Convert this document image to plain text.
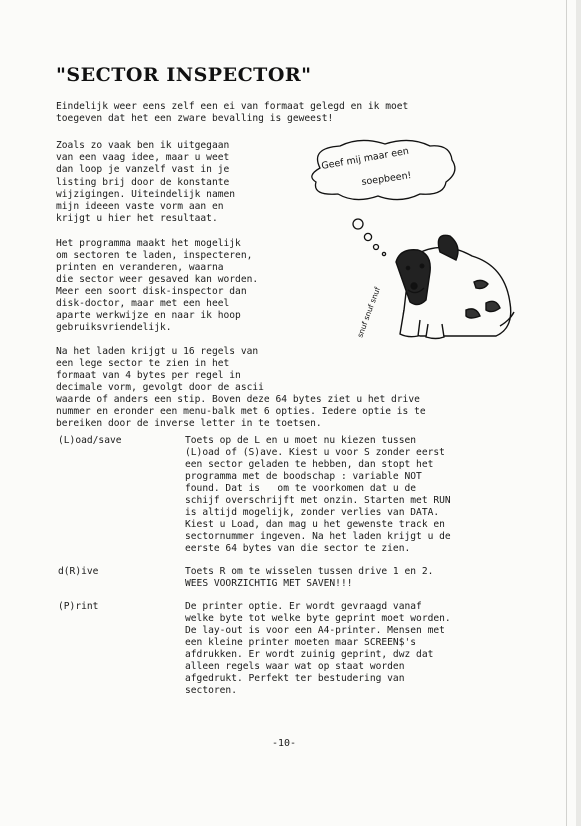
"SECTOR INSPECTOR"
Eindelijk weer eens zelf een ei van formaat gelegd en ik moet
toegeven dat het een zware bevalling is geweest!
Zoals zo vaak ben ik uitgegaan
van een vaag idee, maar u weet
dan loop je vanzelf vast in je
listing brij door de konstante
wijzigingen. Uiteindelijk namen
mijn ideeen vaste vorm aan en
krijgt u hier het resultaat.
Het programma maakt het mogelijk
om sectoren te laden, inspecteren,
printen en veranderen, waarna
die sector weer gesaved kan worden.
Meer een soort disk-inspector dan
disk-doctor, maar met een heel
aparte werkwijze en naar ik hoop
gebruiksvriendelijk.
Na het laden krijgt u 16 regels van
een lege sector te zien in het
formaat van 4 bytes per regel in
decimale vorm, gevolgt door de ascii
waarde of anders een stip. Boven deze 64 bytes ziet u het drive
nummer en eronder een menu-balk met 6 opties. Iedere optie is te
bereiken door de inverse letter in te toetsen.
(L)oad/save	Toets op de L en u moet nu kiezen tussen
(L)oad of (S)ave. Kiest u voor S zonder eerst
een sector geladen te hebben, dan stopt het
programma met de boodschap : variable NOT
found. Dat is   om te voorkomen dat u de
schijf overschrijft met onzin. Starten met RUN
is altijd mogelijk, zonder verlies van DATA.
Kiest u Load, dan mag u het gewenste track en
sectornummer ingeven. Na het laden krijgt u de
eerste 64 bytes van die sector te zien.
d(R)ive	Toets R om te wisselen tussen drive 1 en 2.
WEES VOORZICHTIG MET SAVEN!!!
(P)rint	De printer optie. Er wordt gevraagd vanaf
welke byte tot welke byte geprint moet worden.
De lay-out is voor een A4-printer. Mensen met
een kleine printer moeten maar SCREEN$'s
afdrukken. Er wordt zuinig geprint, dwz dat
alleen regels waar wat op staat worden
afgedrukt. Perfekt ter bestudering van
sectoren.
-10-
Geef mij maar een
soepbeen!
snuf snuf snuf
